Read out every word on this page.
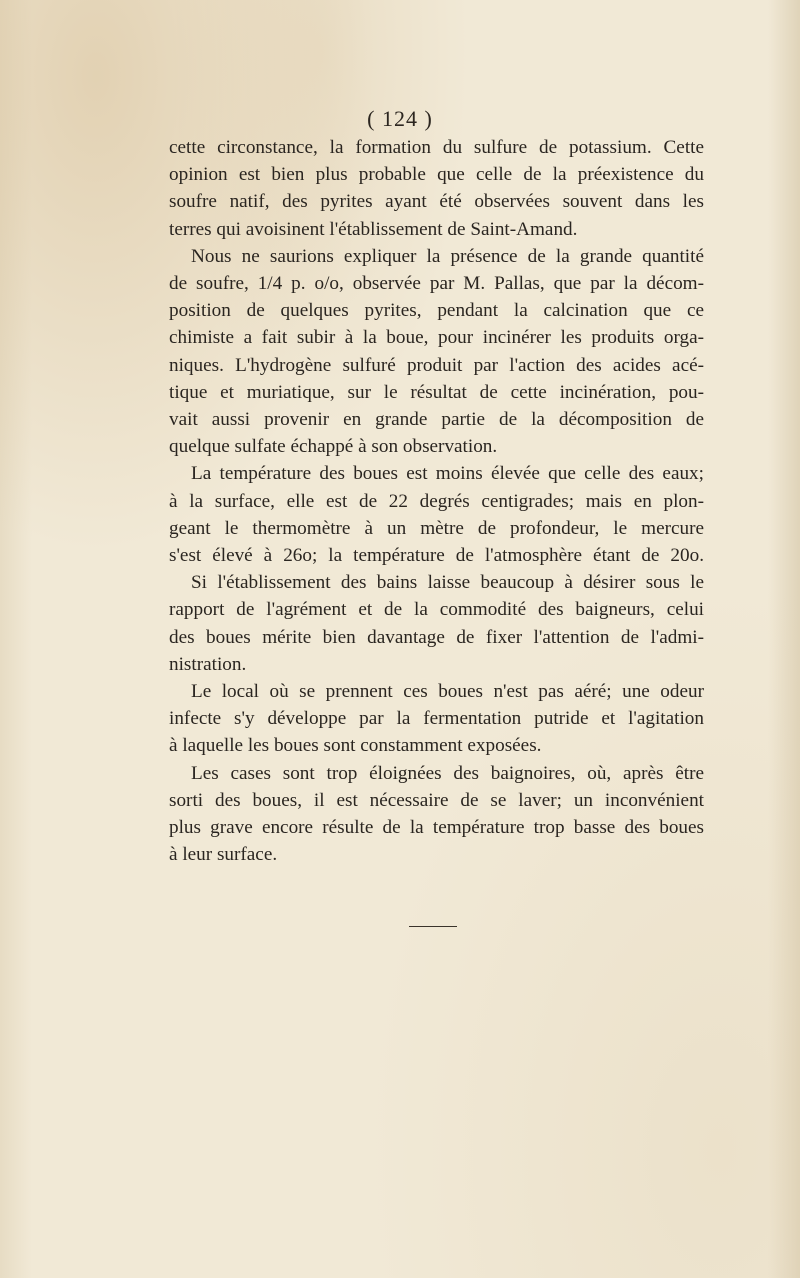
( 124 )

cette circonstance, la formation du sulfure de potassium. Cette
opinion est bien plus probable que celle de la préexistence du
soufre natif, des pyrites ayant été observées souvent dans les
terres qui avoisinent l'établissement de Saint-Amand.

Nous ne saurions expliquer la présence de la grande quantité
de soufre, 1/4 p. o/o, observée par M. Pallas, que par la décom-
position de quelques pyrites, pendant la calcination que ce
chimiste a fait subir à la boue, pour incinérer les produits orga-
niques. L'hydrogène sulfuré produit par l'action des acides acé-
tique et muriatique, sur le résultat de cette incinération, pou-
vait aussi provenir en grande partie de la décomposition de
quelque sulfate échappé à son observation.

La température des boues est moins élevée que celle des eaux;
à la surface, elle est de 22 degrés centigrades; mais en plon-
geant le thermomètre à un mètre de profondeur, le mercure
s'est élevé à 26o; la température de l'atmosphère étant de 20o.

Si l'établissement des bains laisse beaucoup à désirer sous le
rapport de l'agrément et de la commodité des baigneurs, celui
des boues mérite bien davantage de fixer l'attention de l'admi-
nistration.

Le local où se prennent ces boues n'est pas aéré; une odeur
infecte s'y développe par la fermentation putride et l'agitation
à laquelle les boues sont constamment exposées.

Les cases sont trop éloignées des baignoires, où, après être
sorti des boues, il est nécessaire de se laver; un inconvénient
plus grave encore résulte de la température trop basse des boues
à leur surface.
